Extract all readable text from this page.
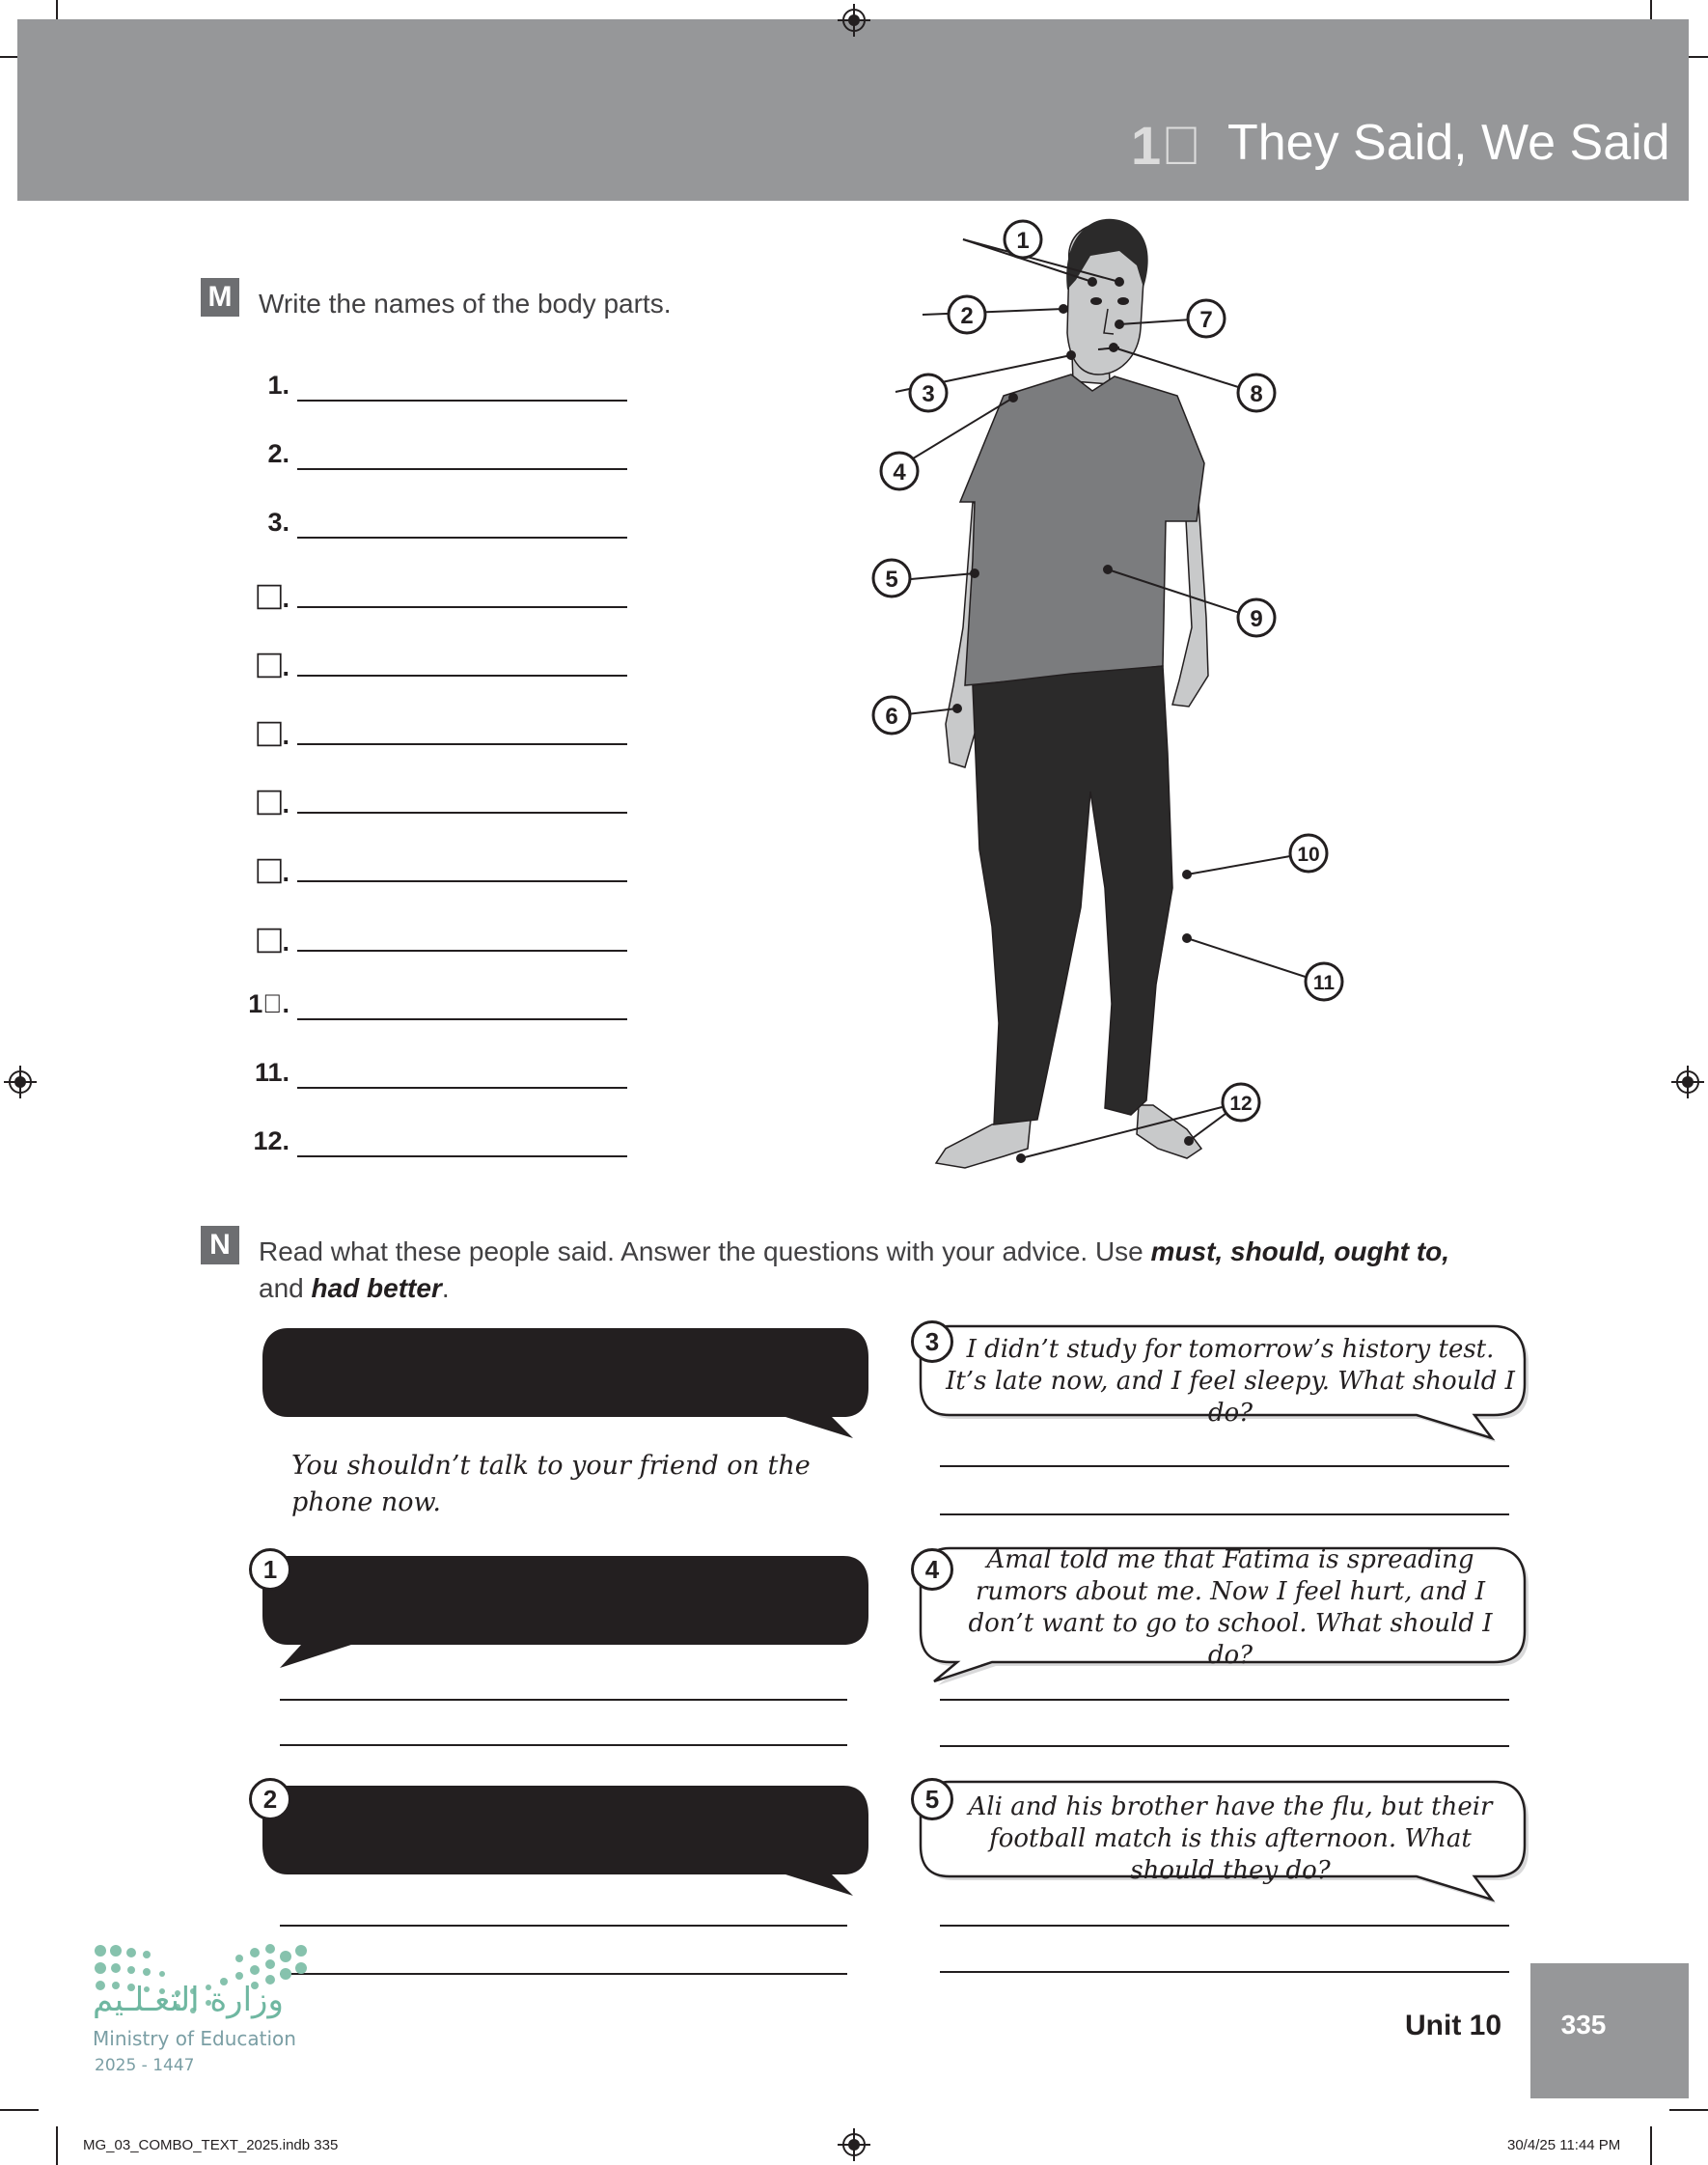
1⃞ They Said, We Said
M Write the names of the body parts.
1.
2.
3.
⃞.
⃞.
⃞.
⃞.
⃞.
⃞.
1⃞.
11.
12.
1
2
3
4
5
6
7
8
9
10
11
12
N	Read what these people said. Answer the questions with your advice. Use must, should, ought to,
and had better.
You shouldn’t talk to your friend on the phone now.
1
2
3	I didn’t study for tomorrow’s history test. It’s late now, and I feel sleepy. What should I do?
4	Amal told me that Fatima is spreading rumors about me. Now I feel hurt, and I don’t want to go to school. What should I do?
5	Ali and his brother have the flu, but their football match is this afternoon. What should they do?
وزارة التعـلـيم
Ministry of Education
2025 - 1447
Unit 10	335
MG_03_COMBO_TEXT_2025.indb 335	30/4/25 11:44 PM
